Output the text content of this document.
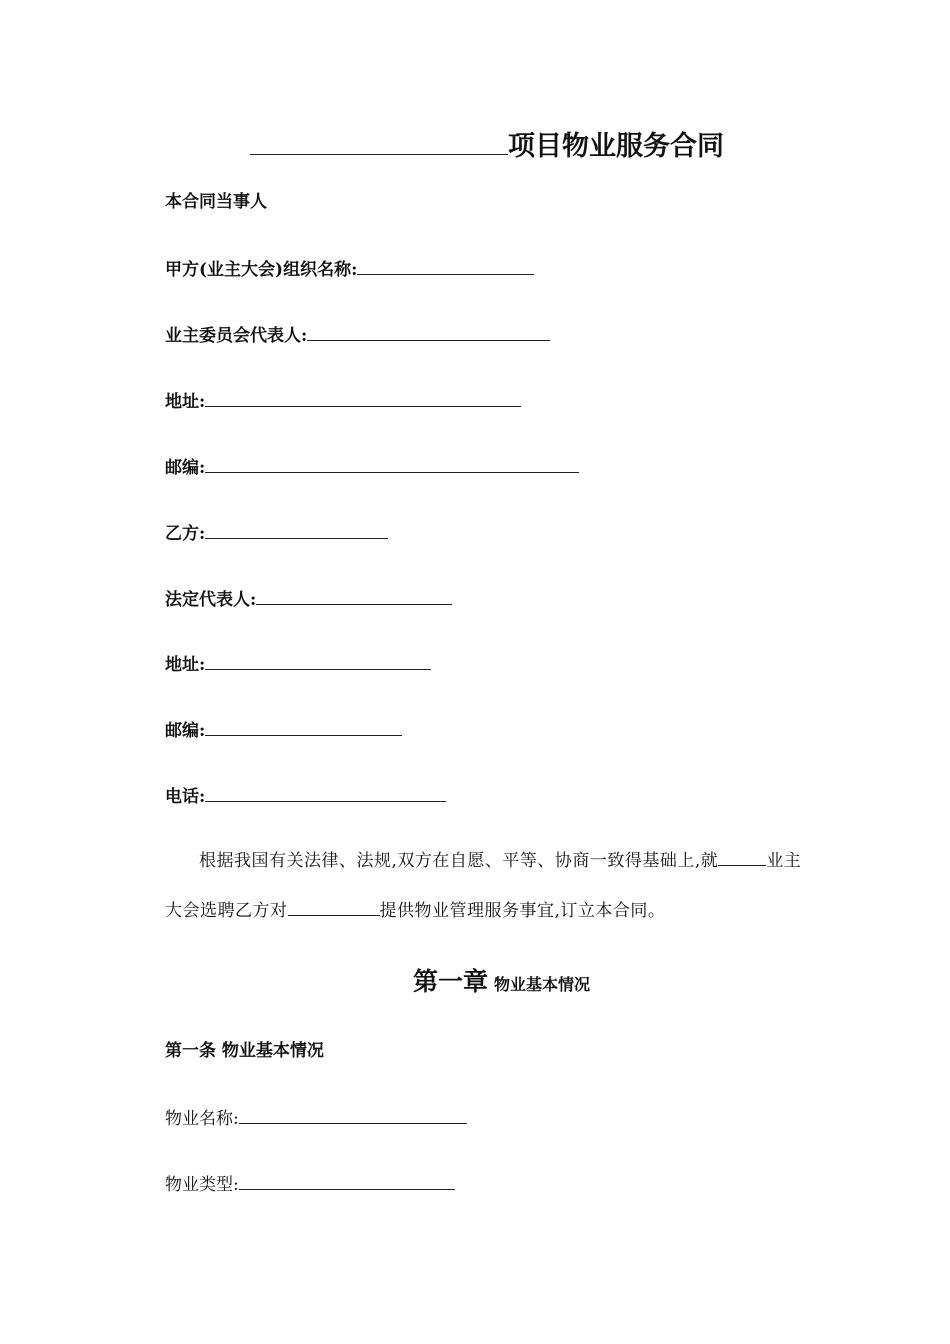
项目物业服务合同
本合同当事人
甲方(业主大会)组织名称:
业主委员会代表人:
地址:
邮编:
乙方:
法定代表人:
地址:
邮编:
电话:
根据我国有关法律、法规,双方在自愿、平等、协商一致得基础上,就	业主
大会选聘乙方对	提供物业管理服务事宜,订立本合同。
第一章 物业基本情况
第一条 物业基本情况
物业名称:
物业类型:
